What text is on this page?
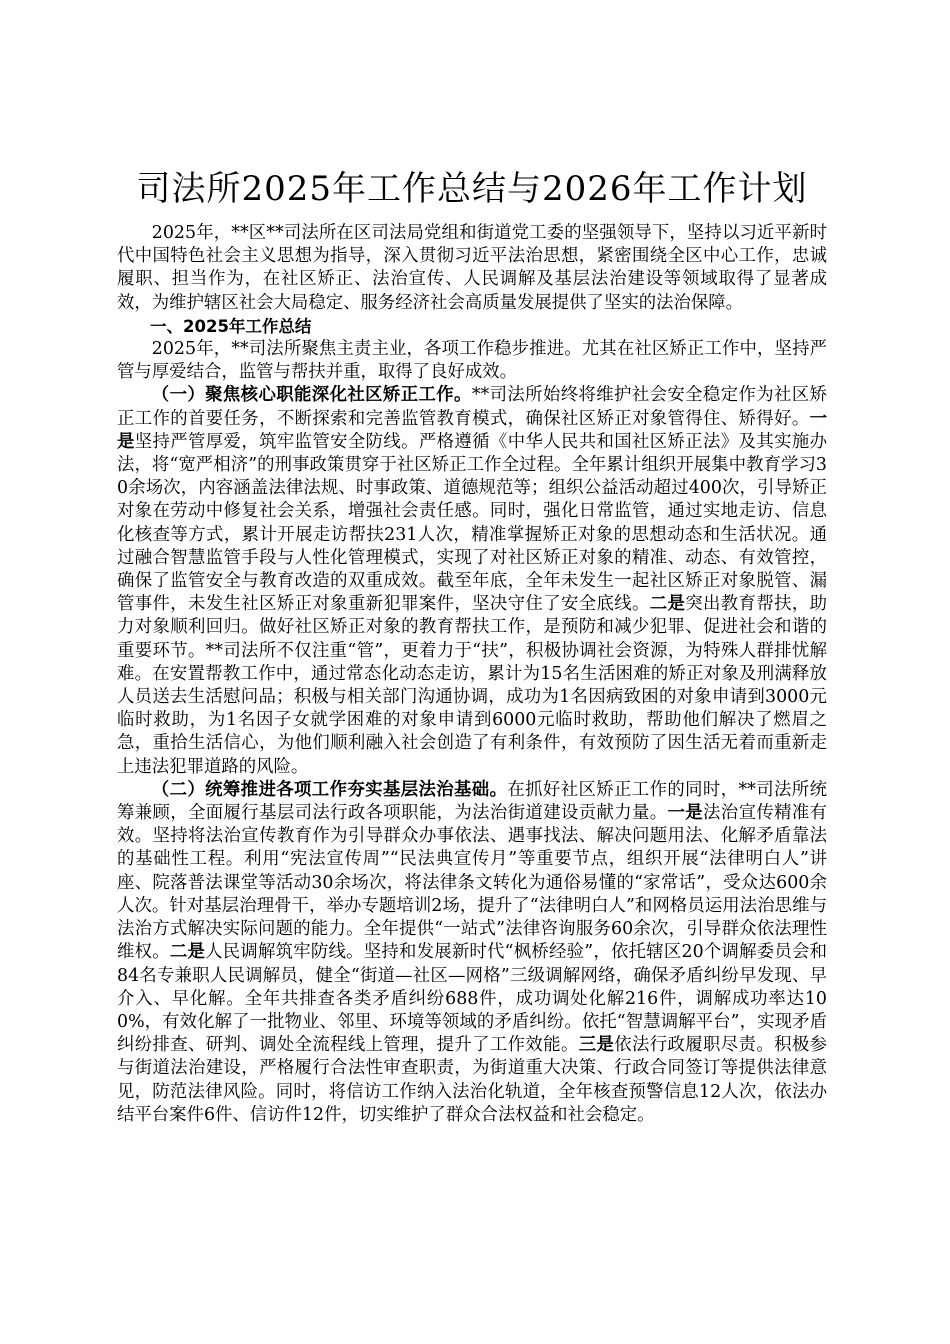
司法所2025年工作总结与2026年工作计划

2025年，**区**司法所在区司法局党组和街道党工委的坚强领导下，坚持以习近平新时代中国特色社会主义思想为指导，深入贯彻习近平法治思想，紧密围绕全区中心工作，忠诚履职、担当作为，在社区矫正、法治宣传、人民调解及基层法治建设等领域取得了显著成效，为维护辖区社会大局稳定、服务经济社会高质量发展提供了坚实的法治保障。

一、2025年工作总结

2025年，**司法所聚焦主责主业，各项工作稳步推进。尤其在社区矫正工作中，坚持严管与厚爱结合，监管与帮扶并重，取得了良好成效。

（一）聚焦核心职能深化社区矫正工作。**司法所始终将维护社会安全稳定作为社区矫正工作的首要任务，不断探索和完善监管教育模式，确保社区矫正对象管得住、矫得好。一是坚持严管厚爱，筑牢监管安全防线。严格遵循《中华人民共和国社区矫正法》及其实施办法，将“宽严相济”的刑事政策贯穿于社区矫正工作全过程。全年累计组织开展集中教育学习30余场次，内容涵盖法律法规、时事政策、道德规范等；组织公益活动超过400次，引导矫正对象在劳动中修复社会关系，增强社会责任感。同时，强化日常监管，通过实地走访、信息化核查等方式，累计开展走访帮扶231人次，精准掌握矫正对象的思想动态和生活状况。通过融合智慧监管手段与人性化管理模式，实现了对社区矫正对象的精准、动态、有效管控，确保了监管安全与教育改造的双重成效。截至年底，全年未发生一起社区矫正对象脱管、漏管事件，未发生社区矫正对象重新犯罪案件，坚决守住了安全底线。二是突出教育帮扶，助力对象顺利回归。做好社区矫正对象的教育帮扶工作，是预防和减少犯罪、促进社会和谐的重要环节。**司法所不仅注重“管”，更着力于“扶”，积极协调社会资源，为特殊人群排忧解难。在安置帮教工作中，通过常态化动态走访，累计为15名生活困难的矫正对象及刑满释放人员送去生活慰问品；积极与相关部门沟通协调，成功为1名因病致困的对象申请到3000元临时救助，为1名因子女就学困难的对象申请到6000元临时救助，帮助他们解决了燃眉之急，重拾生活信心，为他们顺利融入社会创造了有利条件，有效预防了因生活无着而重新走上违法犯罪道路的风险。

（二）统筹推进各项工作夯实基层法治基础。在抓好社区矫正工作的同时，**司法所统筹兼顾，全面履行基层司法行政各项职能，为法治街道建设贡献力量。一是法治宣传精准有效。坚持将法治宣传教育作为引导群众办事依法、遇事找法、解决问题用法、化解矛盾靠法的基础性工程。利用“宪法宣传周”“民法典宣传月”等重要节点，组织开展“法律明白人”讲座、院落普法课堂等活动30余场次，将法律条文转化为通俗易懂的“家常话”，受众达600余人次。针对基层治理骨干，举办专题培训2场，提升了“法律明白人”和网格员运用法治思维与法治方式解决实际问题的能力。全年提供“一站式”法律咨询服务60余次，引导群众依法理性维权。二是人民调解筑牢防线。坚持和发展新时代“枫桥经验”，依托辖区20个调解委员会和84名专兼职人民调解员，健全“街道—社区—网格”三级调解网络，确保矛盾纠纷早发现、早介入、早化解。全年共排查各类矛盾纠纷688件，成功调处化解216件，调解成功率达100%，有效化解了一批物业、邻里、环境等领域的矛盾纠纷。依托“智慧调解平台”，实现矛盾纠纷排查、研判、调处全流程线上管理，提升了工作效能。三是依法行政履职尽责。积极参与街道法治建设，严格履行合法性审查职责，为街道重大决策、行政合同签订等提供法律意见，防范法律风险。同时，将信访工作纳入法治化轨道，全年核查预警信息12人次，依法办结平台案件6件、信访件12件，切实维护了群众合法权益和社会稳定。
